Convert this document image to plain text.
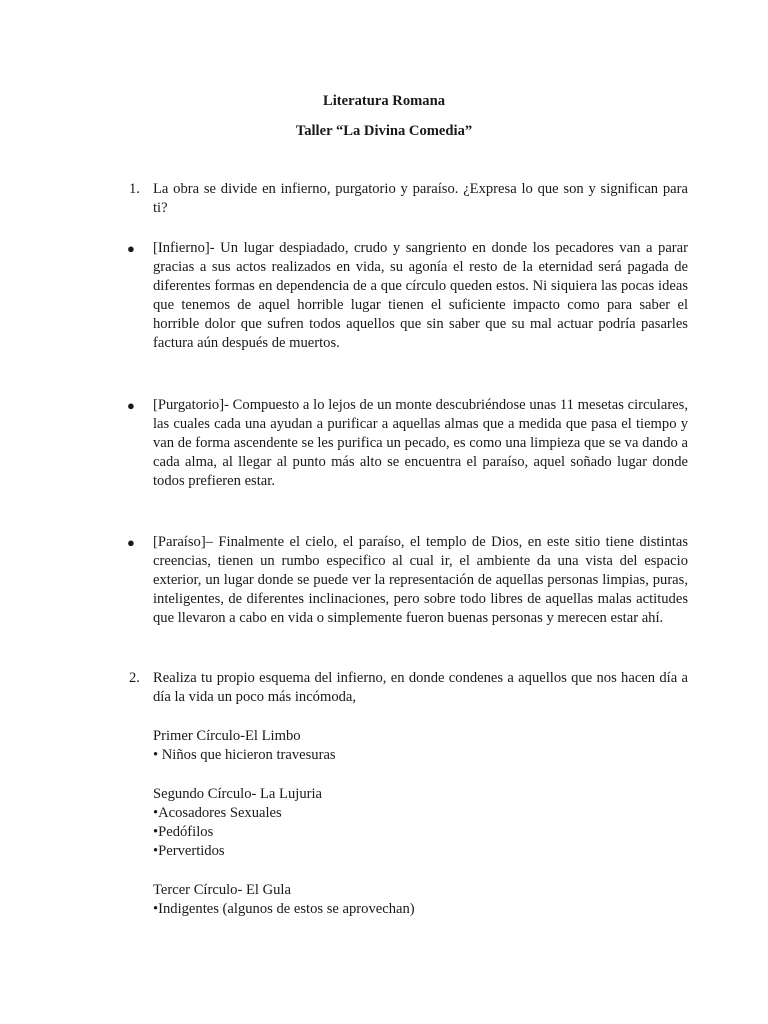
Literatura Romana
Taller “La Divina Comedia”
1. La obra se divide en infierno, purgatorio y paraíso. ¿Expresa lo que son y significan para ti?

● [Infierno]- Un lugar despiadado, crudo y sangriento en donde los pecadores van a parar gracias a sus actos realizados en vida, su agonía el resto de la eternidad será pagada de diferentes formas en dependencia de a que círculo queden estos. Ni siquiera las pocas ideas que tenemos de aquel horrible lugar tienen el suficiente impacto como para saber el horrible dolor que sufren todos aquellos que sin saber que su mal actuar podría pasarles factura aún después de muertos.

● [Purgatorio]- Compuesto a lo lejos de un monte descubriéndose unas 11 mesetas circulares, las cuales cada una ayudan a purificar a aquellas almas que a medida que pasa el tiempo y van de forma ascendente se les purifica un pecado, es como una limpieza que se va dando a cada alma, al llegar al punto más alto se encuentra el paraíso, aquel soñado lugar donde todos prefieren estar.

● [Paraíso]– Finalmente el cielo, el paraíso, el templo de Dios, en este sitio tiene distintas creencias, tienen un rumbo especifico al cual ir, el ambiente da una vista del espacio exterior, un lugar donde se puede ver la representación de aquellas personas limpias, puras, inteligentes, de diferentes inclinaciones, pero sobre todo libres de aquellas malas actitudes que llevaron a cabo en vida o simplemente fueron buenas personas y merecen estar ahí.

2. Realiza tu propio esquema del infierno, en donde condenes a aquellos que nos hacen día a día la vida un poco más incómoda,

Primer Círculo-El Limbo
• Niños que hicieron travesuras
Segundo Círculo- La Lujuria
•Acosadores Sexuales
•Pedófilos
•Pervertidos
Tercer Círculo- El Gula
•Indigentes (algunos de estos se aprovechan)
